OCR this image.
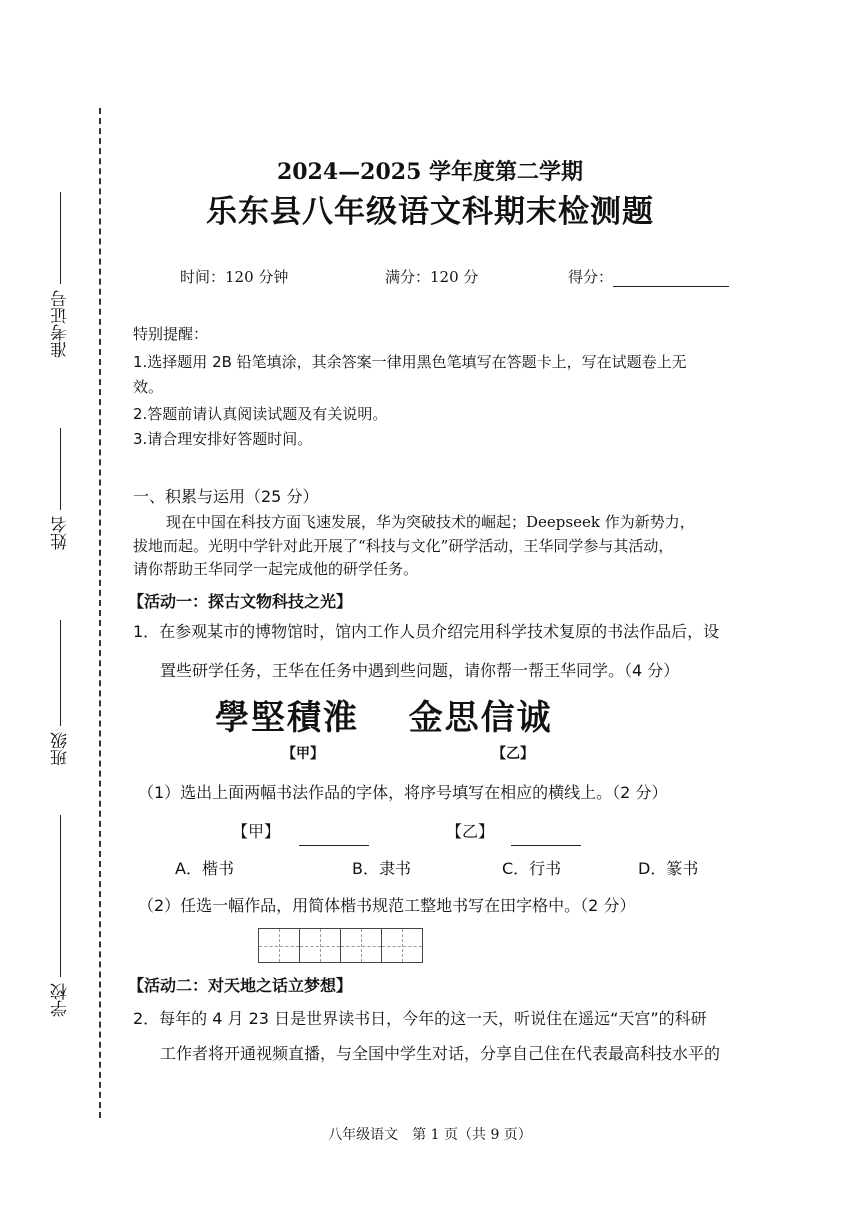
准考证号
姓名
班级
学校
2024—2025 学年度第二学期
乐东县八年级语文科期末检测题
时间：120 分钟	满分：120 分	得分：
特别提醒：
1.选择题用 2B 铅笔填涂，其余答案一律用黑色笔填写在答题卡上，写在试题卷上无
效。
2.答题前请认真阅读试题及有关说明。
3.请合理安排好答题时间。
一、积累与运用（25 分）
现在中国在科技方面飞速发展，华为突破技术的崛起；Deepseek 作为新势力，
拔地而起。光明中学针对此开展了“科技与文化”研学活动，王华同学参与其活动，
请你帮助王华同学一起完成他的研学任务。
【活动一：探古文物科技之光】
1．在参观某市的博物馆时，馆内工作人员介绍完用科学技术复原的书法作品后，设
置些研学任务，王华在任务中遇到些问题，请你帮一帮王华同学。（4 分）
學堅積淮 金思信诚
【甲】	【乙】
（1）选出上面两幅书法作品的字体，将序号填写在相应的横线上。（2 分）
【甲】	【乙】
A．楷书	B．隶书	C．行书	D．篆书
（2）任选一幅作品，用简体楷书规范工整地书写在田字格中。（2 分）
【活动二：对天地之话立梦想】
2．每年的 4 月 23 日是世界读书日，今年的这一天，听说住在遥远“天宫”的科研
工作者将开通视频直播，与全国中学生对话，分享自己住在代表最高科技水平的
八年级语文　第 1 页（共 9 页）
